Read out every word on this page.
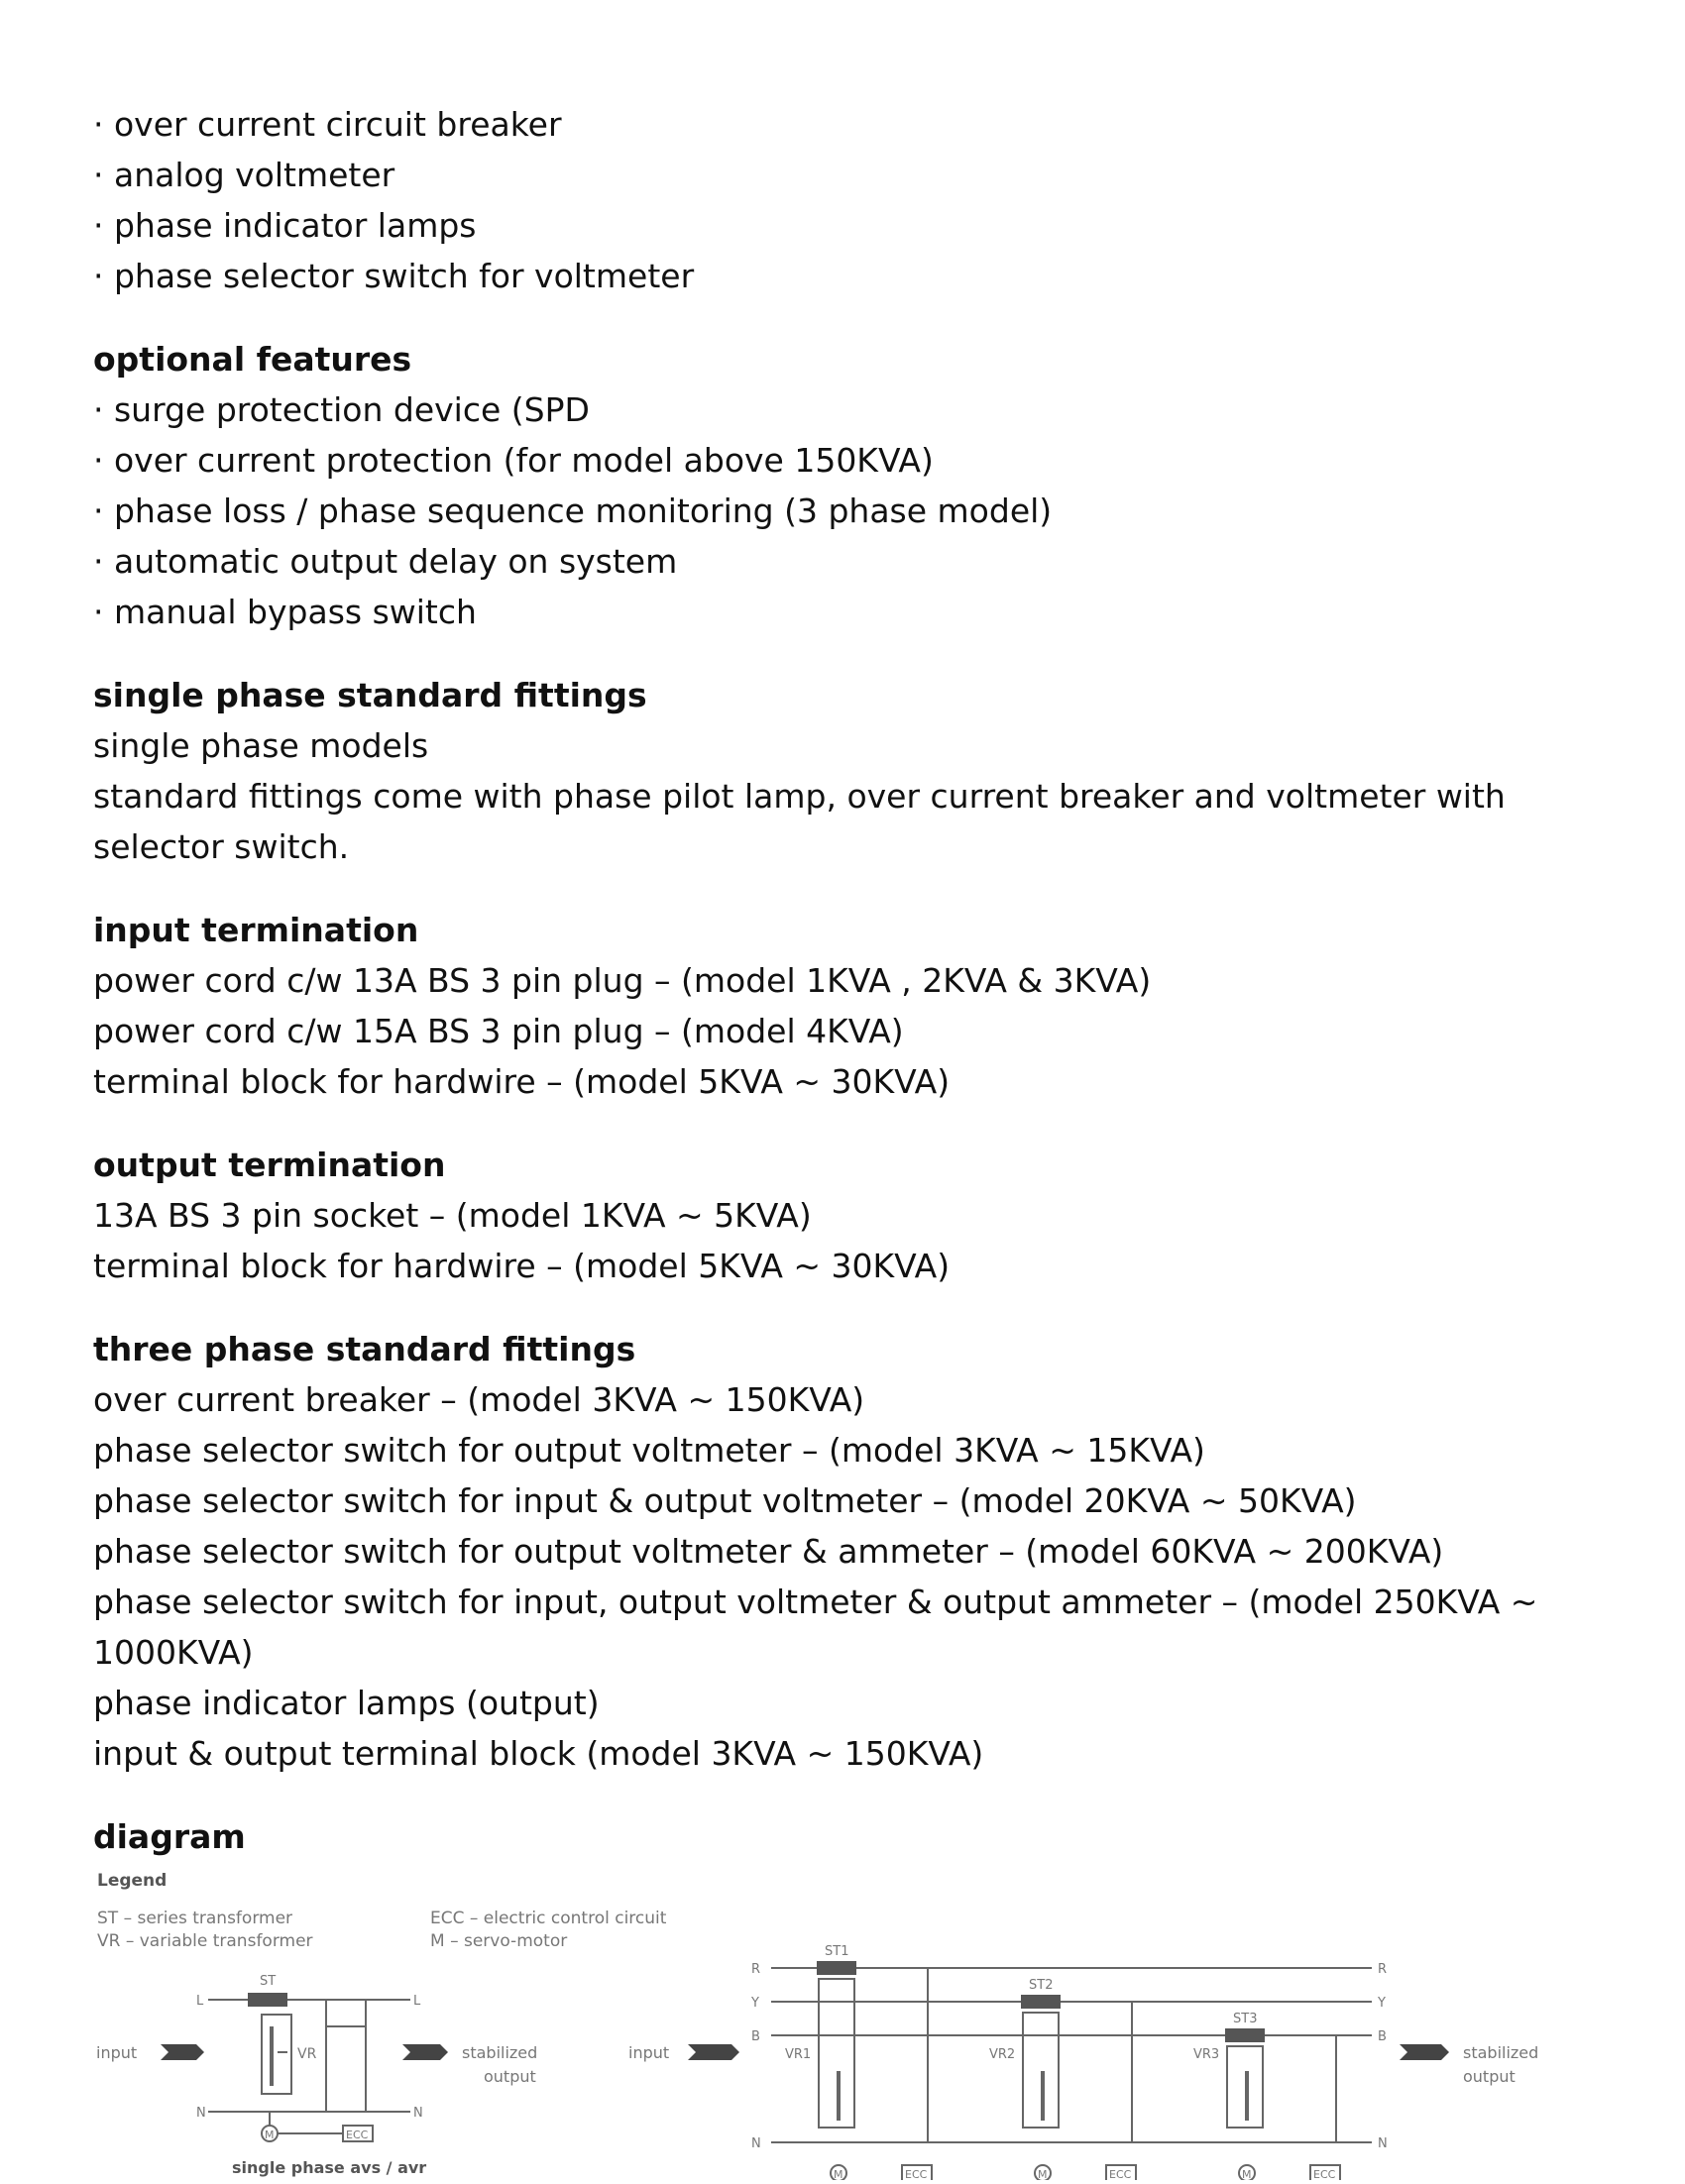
· over current circuit breaker
· analog voltmeter
· phase indicator lamps
· phase selector switch for voltmeter
optional features
· surge protection device (SPD
· over current protection (for model above 150KVA)
· phase loss / phase sequence monitoring (3 phase model)
· automatic output delay on system
· manual bypass switch
single phase standard fittings
single phase models
standard fittings come with phase pilot lamp, over current breaker and voltmeter with selector switch.
input termination
power cord c/w 13A BS 3 pin plug – (model 1KVA , 2KVA & 3KVA)
power cord c/w 15A BS 3 pin plug – (model 4KVA)
terminal block for hardwire – (model 5KVA ~ 30KVA)
output termination
13A BS 3 pin socket – (model 1KVA ~ 5KVA)
terminal block for hardwire – (model 5KVA ~ 30KVA)
three phase standard fittings
over current breaker – (model 3KVA ~ 150KVA)
phase selector switch for output voltmeter – (model 3KVA ~ 15KVA)
phase selector switch for input & output voltmeter – (model 20KVA ~ 50KVA)
phase selector switch for output voltmeter & ammeter – (model 60KVA ~ 200KVA)
phase selector switch for input, output voltmeter & output ammeter – (model 250KVA ~ 1000KVA)
phase indicator lamps (output)
input & output terminal block (model 3KVA ~ 150KVA)
diagram
Legend
ST – series transformer
VR – variable transformer
ECC – electric control circuit
M – servo-motor
input	stabilized
output
ST
VR
L	L
N	N
M	ECC
single phase avs / avr
input	stabilized
output
R
Y
B
N
R
Y
B
N
ST1
ST2
ST3
VR1	VR2	VR3
M	M	M
ECC	ECC	ECC
